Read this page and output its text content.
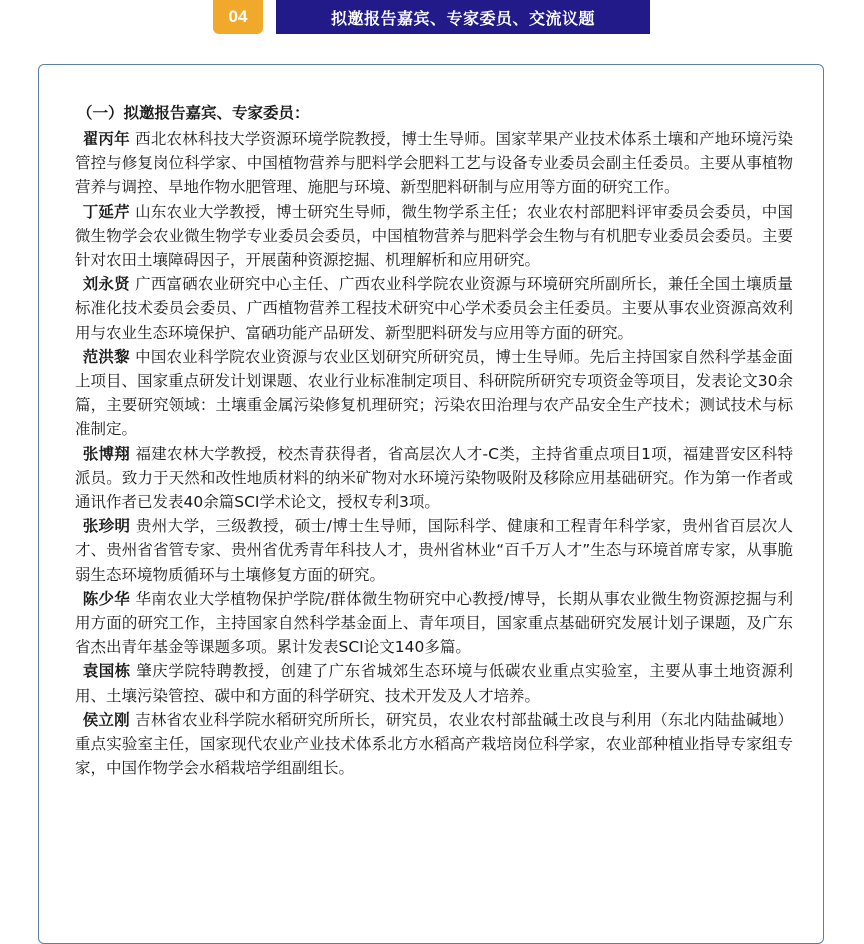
04	拟邀报告嘉宾、专家委员、交流议题

（一）拟邀报告嘉宾、专家委员：

翟丙年 西北农林科技大学资源环境学院教授，博士生导师。国家苹果产业技术体系土壤和产地环境污染管控与修复岗位科学家、中国植物营养与肥料学会肥料工艺与设备专业委员会副主任委员。主要从事植物营养与调控、旱地作物水肥管理、施肥与环境、新型肥料研制与应用等方面的研究工作。

丁延芹 山东农业大学教授，博士研究生导师，微生物学系主任；农业农村部肥料评审委员会委员，中国微生物学会农业微生物学专业委员会委员，中国植物营养与肥料学会生物与有机肥专业委员会委员。主要针对农田土壤障碍因子，开展菌种资源挖掘、机理解析和应用研究。

刘永贤 广西富硒农业研究中心主任、广西农业科学院农业资源与环境研究所副所长，兼任全国土壤质量标准化技术委员会委员、广西植物营养工程技术研究中心学术委员会主任委员。主要从事农业资源高效利用与农业生态环境保护、富硒功能产品研发、新型肥料研发与应用等方面的研究。

范洪黎 中国农业科学院农业资源与农业区划研究所研究员，博士生导师。先后主持国家自然科学基金面上项目、国家重点研发计划课题、农业行业标准制定项目、科研院所研究专项资金等项目，发表论文30余篇，主要研究领域：土壤重金属污染修复机理研究；污染农田治理与农产品安全生产技术；测试技术与标准制定。

张博翔 福建农林大学教授，校杰青获得者，省高层次人才-C类，主持省重点项目1项，福建晋安区科特派员。致力于天然和改性地质材料的纳米矿物对水环境污染物吸附及移除应用基础研究。作为第一作者或通讯作者已发表40余篇SCI学术论文，授权专利3项。

张珍明 贵州大学，三级教授，硕士/博士生导师，国际科学、健康和工程青年科学家，贵州省百层次人才、贵州省省管专家、贵州省优秀青年科技人才，贵州省林业“百千万人才”生态与环境首席专家，从事脆弱生态环境物质循环与土壤修复方面的研究。

陈少华 华南农业大学植物保护学院/群体微生物研究中心教授/博导，长期从事农业微生物资源挖掘与利用方面的研究工作，主持国家自然科学基金面上、青年项目，国家重点基础研究发展计划子课题，及广东省杰出青年基金等课题多项。累计发表SCI论文140多篇。

袁国栋 肇庆学院特聘教授，创建了广东省城郊生态环境与低碳农业重点实验室，主要从事土地资源利用、土壤污染管控、碳中和方面的科学研究、技术开发及人才培养。

侯立刚 吉林省农业科学院水稻研究所所长，研究员，农业农村部盐碱土改良与利用（东北内陆盐碱地）重点实验室主任，国家现代农业产业技术体系北方水稻高产栽培岗位科学家，农业部种植业指导专家组专家，中国作物学会水稻栽培学组副组长。
